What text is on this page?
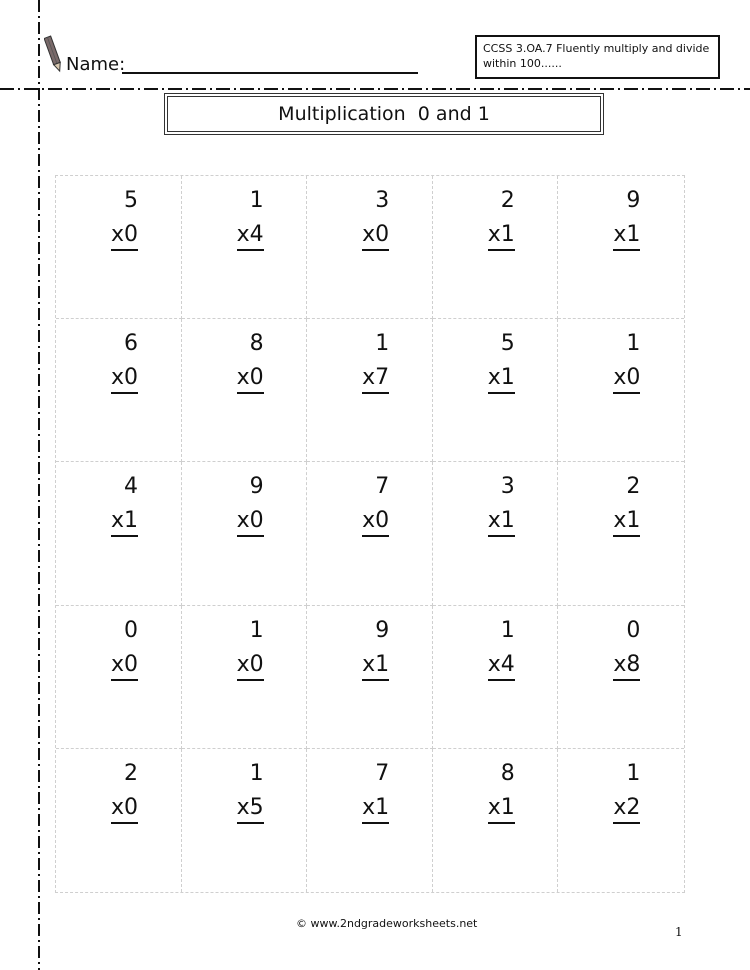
Name:
CCSS 3.OA.7 Fluently multiply and divide within 100......
Multiplication  0 and 1
5
x0
1
x4
3
x0
2
x1
9
x1
6
x0
8
x0
1
x7
5
x1
1
x0
4
x1
9
x0
7
x0
3
x1
2
x1
0
x0
1
x0
9
x1
1
x4
0
x8
2
x0
1
x5
7
x1
8
x1
1
x2
© www.2ndgradeworksheets.net
1
